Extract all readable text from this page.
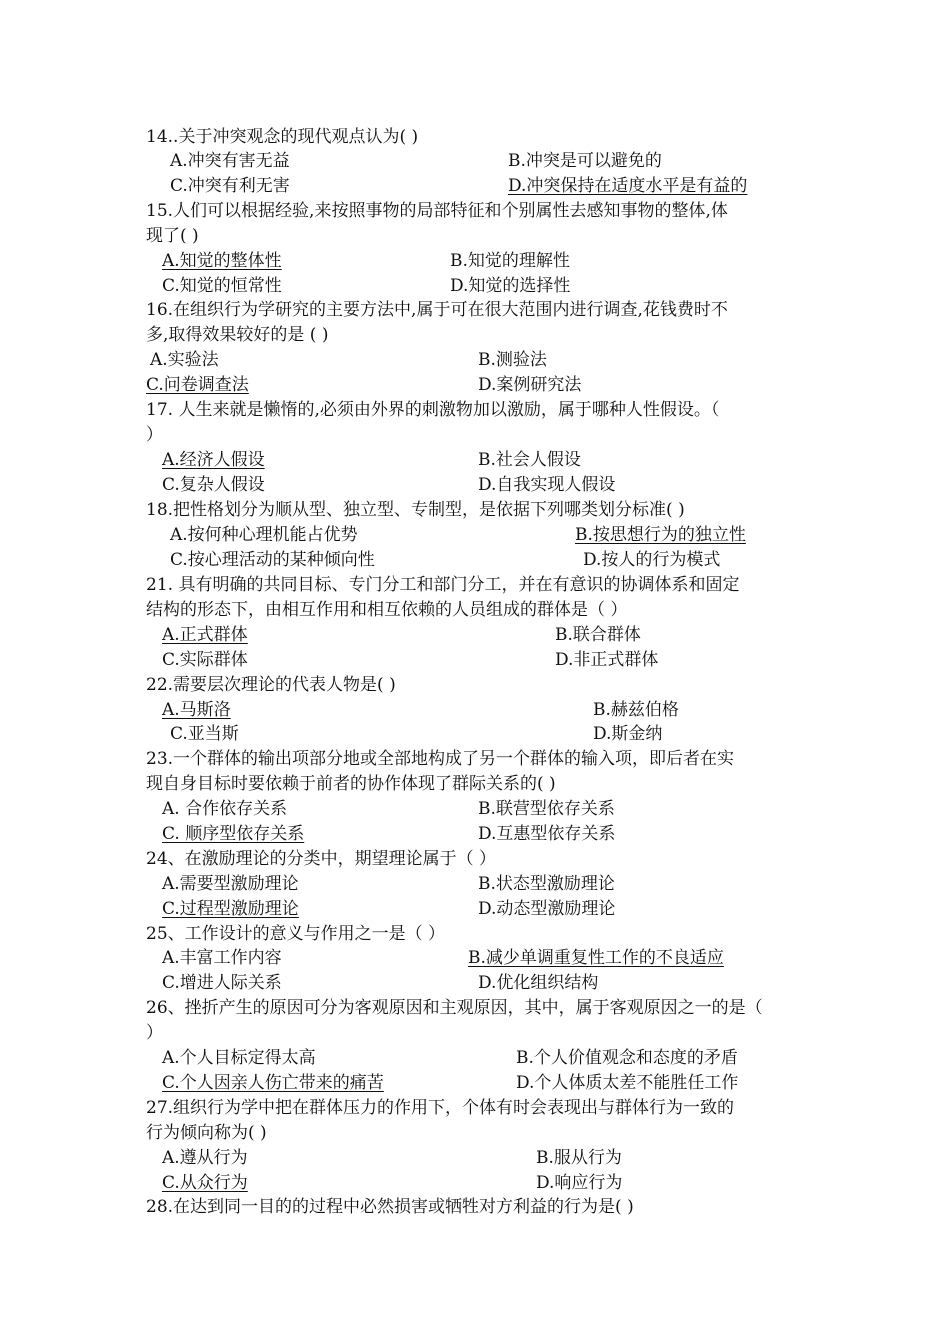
14..关于冲突观念的现代观点认为( )
A.冲突有害无益	B.冲突是可以避免的
C.冲突有利无害	D.冲突保持在适度水平是有益的
15.人们可以根据经验,来按照事物的局部特征和个别属性去感知事物的整体,体
现了( )
A.知觉的整体性	B.知觉的理解性
C.知觉的恒常性	D.知觉的选择性
16.在组织行为学研究的主要方法中,属于可在很大范围内进行调查,花钱费时不
多,取得效果较好的是 ( )
A.实验法	B.测验法
C.问卷调查法	D.案例研究法
17. 人生来就是懒惰的,必须由外界的刺激物加以激励，属于哪种人性假设。（
）
A.经济人假设	B.社会人假设
C.复杂人假设	D.自我实现人假设
18.把性格划分为顺从型、独立型、专制型，是依据下列哪类划分标准( )
A.按何种心理机能占优势	B.按思想行为的独立性
C.按心理活动的某种倾向性	D.按人的行为模式
21. 具有明确的共同目标、专门分工和部门分工，并在有意识的协调体系和固定
结构的形态下，由相互作用和相互依赖的人员组成的群体是（ ）
A.正式群体	B.联合群体
C.实际群体	D.非正式群体
22.需要层次理论的代表人物是( )
A.马斯洛	B.赫兹伯格
C.亚当斯	D.斯金纳
23.一个群体的输出项部分地或全部地构成了另一个群体的输入项，即后者在实
现自身目标时要依赖于前者的协作体现了群际关系的( )
A. 合作依存关系	B.联营型依存关系
C. 顺序型依存关系	D.互惠型依存关系
24、在激励理论的分类中，期望理论属于（ ）
A.需要型激励理论	B.状态型激励理论
C.过程型激励理论	D.动态型激励理论
25、工作设计的意义与作用之一是（ ）
A.丰富工作内容	B.减少单调重复性工作的不良适应
C.增进人际关系	D.优化组织结构
26、挫折产生的原因可分为客观原因和主观原因，其中，属于客观原因之一的是（
）
A.个人目标定得太高	B.个人价值观念和态度的矛盾
C.个人因亲人伤亡带来的痛苦	D.个人体质太差不能胜任工作
27.组织行为学中把在群体压力的作用下，个体有时会表现出与群体行为一致的
行为倾向称为( )
A.遵从行为	B.服从行为
C.从众行为	D.响应行为
28.在达到同一目的的过程中必然损害或牺牲对方利益的行为是( )
